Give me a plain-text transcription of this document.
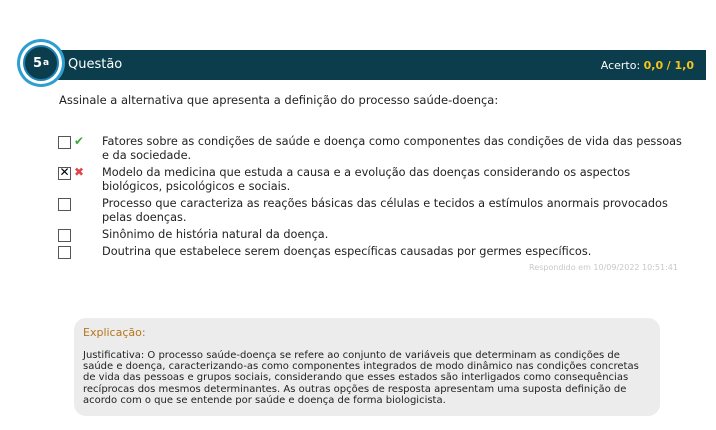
5 a Questão	Acerto: 0,0 / 1,0
Assinale a alternativa que apresenta a definição do processo saúde-doença:
✔ Fatores sobre as condições de saúde e doença como componentes das condições de vida das pessoas e da sociedade.
✕
✖ Modelo da medicina que estuda a causa e a evolução das doenças considerando os aspectos biológicos, psicológicos e sociais.
Processo que caracteriza as reações básicas das células e tecidos a estímulos anormais provocados pelas doenças.
Sinônimo de história natural da doença.
Doutrina que estabelece serem doenças específicas causadas por germes específicos.
Respondido em 10/09/2022 10:51:41
Explicação:
Justificativa: O processo saúde-doença se refere ao conjunto de variáveis que determinam as condições de saúde e doença, caracterizando-as como componentes integrados de modo dinâmico nas condições concretas de vida das pessoas e grupos sociais, considerando que esses estados são interligados como consequências recíprocas dos mesmos determinantes. As outras opções de resposta apresentam uma suposta definição de acordo com o que se entende por saúde e doença de forma biologicista.
